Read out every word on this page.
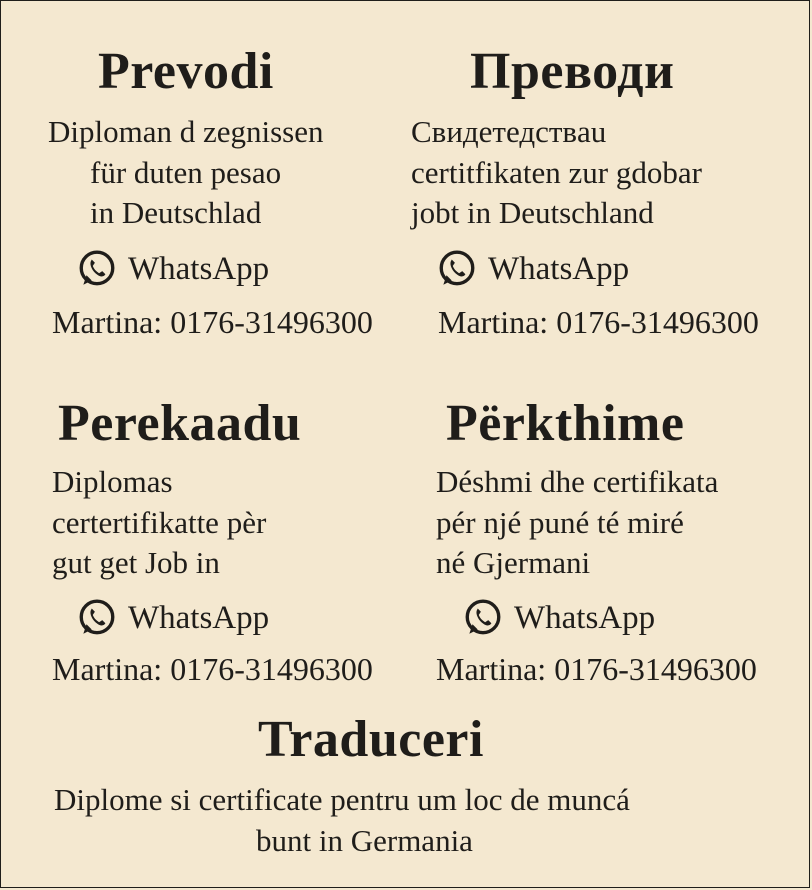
Prevodi
Diploman d zegnissen
für duten pesao
in Deutschlad
WhatsApp
Martina: 0176-31496300
Преводи
Свидетедствau
certitfikaten zur gdobar
jobt in Deutschland
WhatsApp
Martina: 0176-31496300
Perekaadu
Diplomas
certertifikatte pèr
gut get Job in
WhatsApp
Martina: 0176-31496300
Përkthime
Déshmi dhe certifikata
pér njé puné té miré
né Gjermani
WhatsApp
Martina: 0176-31496300
Traduceri
Diplome si certificate pentru um loc de muncá
bunt in Germania
